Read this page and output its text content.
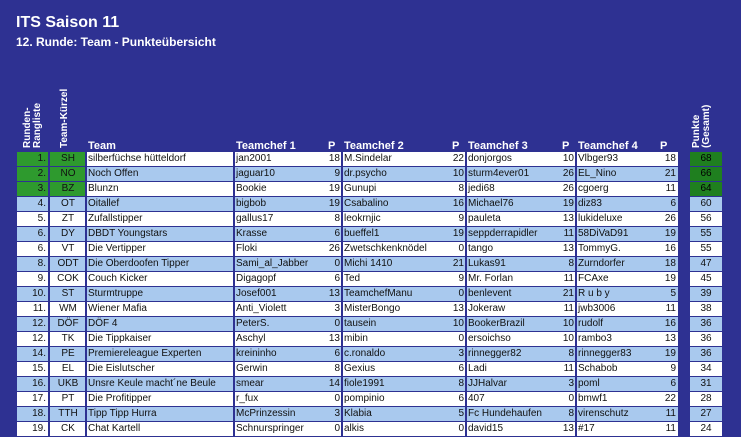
ITS Saison 11
12. Runde: Team - Punkteübersicht
Runden-
Rangliste Team-Kürzel	Punkte
(Gesamt)
Team	Teamchef 1	P Teamchef 2	P Teamchef 3	P Teamchef 4 P
1.	SH	silberfüchse hütteldorf	jan2001	18 M.Sindelar	22 donjorgos	10 Vlbger93	18	68
2.	NO	Noch Offen	jaguar10	9 dr.psycho	10 sturm4ever01	26 EL_Nino	21	66
3.	BZ	Blunzn	Bookie	19 Gunupi	8 jedi68	26 cgoerg	11	64
4.	OT	Oitallef	bigbob	19 Csabalino	16 Michael76	19 diz83	6	60
5.	ZT	Zufallstipper	gallus17	8 leokrnjic	9 pauleta	13 lukideluxe	26	56
6.	DY	DBDT Youngstars	Krasse	6 bueffel1	19 seppderrapidler	11 58DiVaD91	19	55
6.	VT	Die Vertipper	Floki	26 Zwetschkenknödel	0 tango	13 TommyG.	16	55
8.	ODT Die Oberdoofen Tipper	Sami_al_Jabber	0 Michi 1410	21 Lukas91	8 Zurndorfer	18	47
9.	COK Couch Kicker	Digagopf	6 Ted	9 Mr. Forlan	11 FCAxe	19	45
10.	ST	Sturmtruppe	Josef001	13 TeamchefManu	0 benlevent	21 R u b y	5	39
11.	WM	Wiener Mafia	Anti_Violett	3 MisterBongo	13 Jokeraw	11 jwb3006	11	38
12.	DÖF DÖF 4	PeterS.	0 tausein	10 BookerBrazil	10 rudolf	16	36
12.	TK	Die Tippkaiser	Aschyl	13 mibin	0 ersoichso	10 rambo3	13	36
14.	PE	Premiereleague Experten	kreininho	6 c.ronaldo	3 rinnegger82	8 rinnegger83	19	36
15.	EL	Die Eislutscher	Gerwin	8 Gexius	6 Ladi	11 Schabob	9	34
16.	UKB Unsre Keule macht´ne Beule	smear	14 fiole1991	8 JJHalvar	3 poml	6	31
17.	PT	Die Profitipper	r_fux	0 pompinio	6 407	0 bmwf1	22	28
18.	TTH	Tipp Tipp Hurra	McPrinzessin	3 Klabia	5 Fc Hundehaufen	8 virenschutz	11	27
19.	CK	Chat Kartell	Schnurspringer	0 alkis	0 david15	13 #17	11	24
